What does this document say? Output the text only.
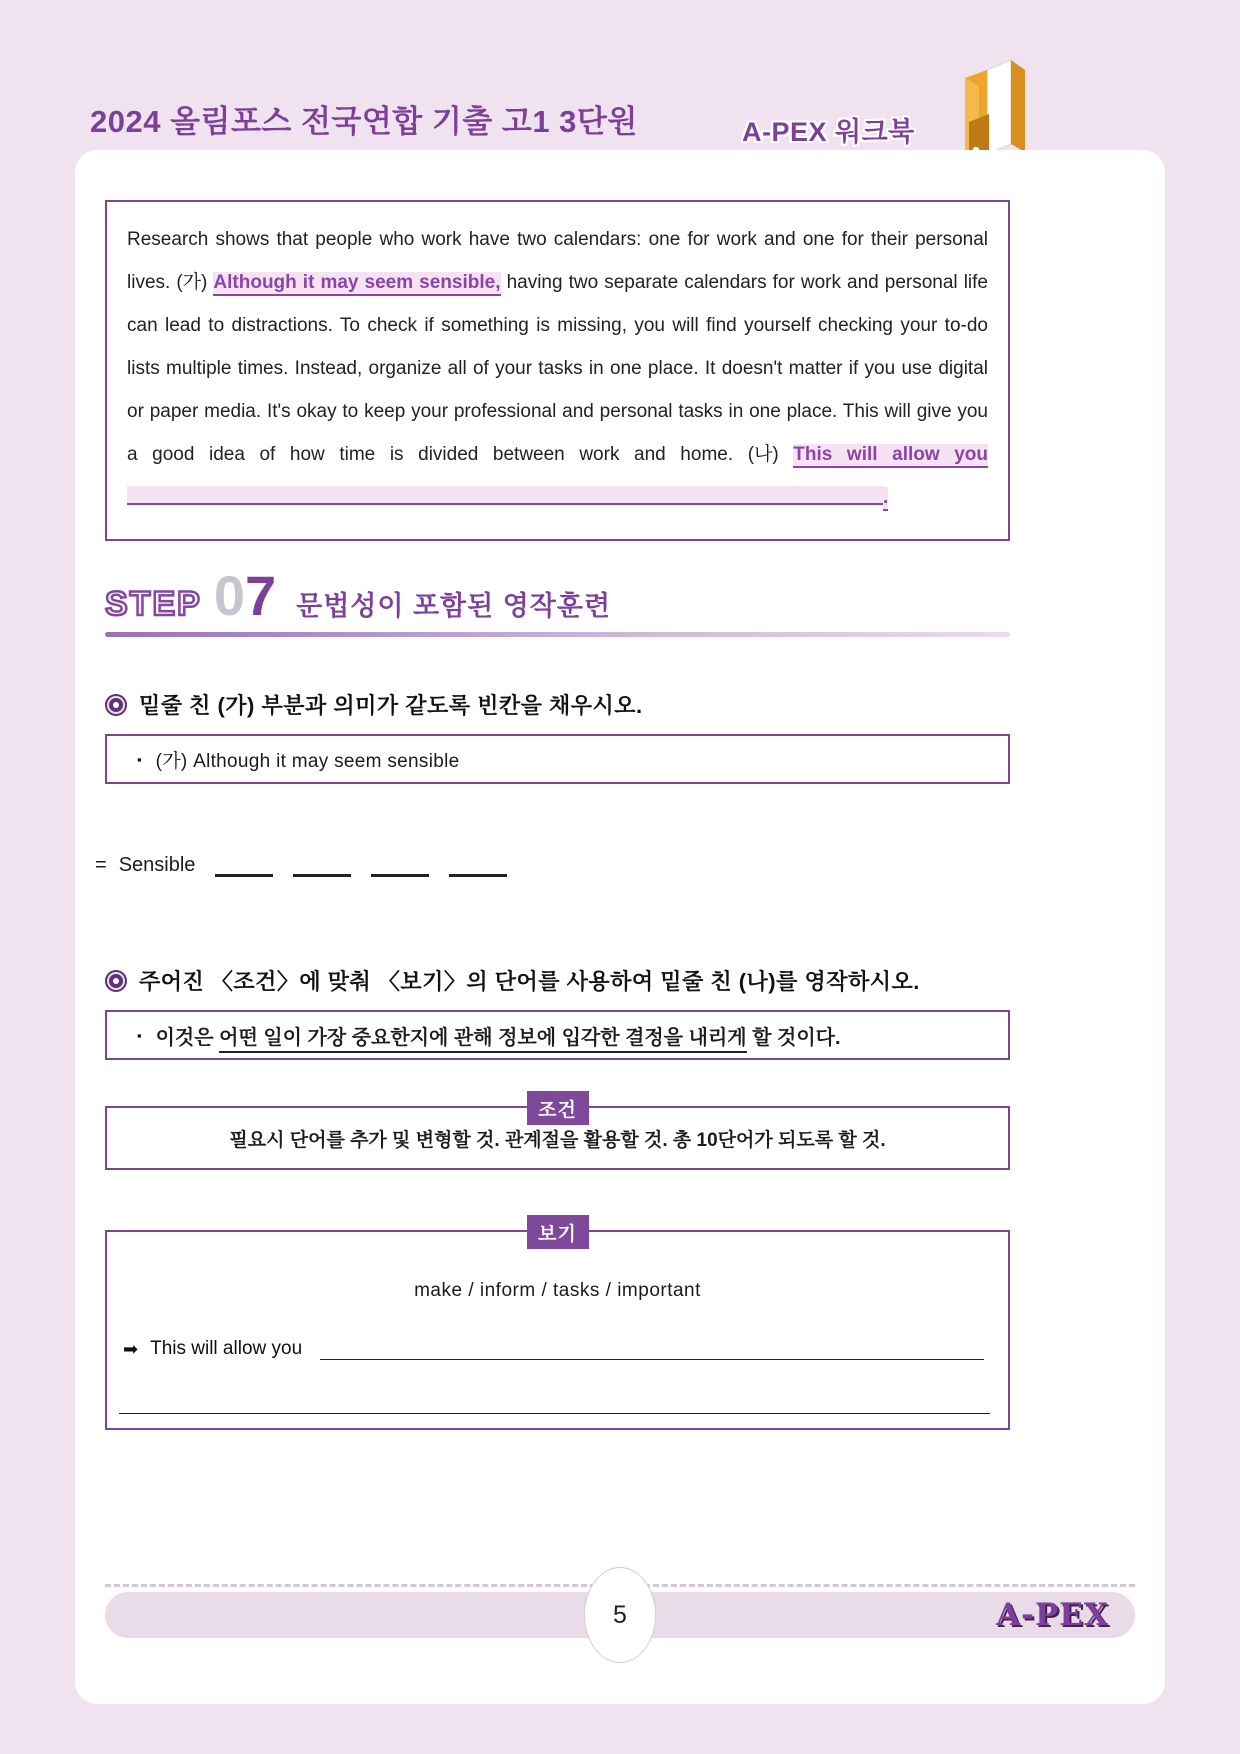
2024 올림포스 전국연합 기출 고1 3단원	A-PEX 워크북
Research shows that people who work have two calendars: one for work and one for their personal lives. (가) Although it may seem sensible, having two separate calendars for work and personal life can lead to distractions. To check if something is missing, you will find yourself checking your to-do lists multiple times. Instead, organize all of your tasks in one place. It doesn't matter if you use digital or paper media. It's okay to keep your professional and personal tasks in one place. This will give you a good idea of how time is divided between work and home. (나) This will allow you.
STEP 0 7 문법성이 포함된 영작훈련
밑줄 친 (가) 부분과 의미가 같도록 빈칸을 채우시오.
▪ (가) Although it may seem sensible
= Sensible
주어진 〈조건〉에 맞춰 〈보기〉의 단어를 사용하여 밑줄 친 (나)를 영작하시오.
▪ 이것은 어떤 일이 가장 중요한지에 관해 정보에 입각한 결정을 내리게 할 것이다.
조건
필요시 단어를 추가 및 변형할 것. 관계절을 활용할 것. 총 10단어가 되도록 할 것.
보기
make / inform / tasks / important
➡ This will allow you
5	A-PEX
